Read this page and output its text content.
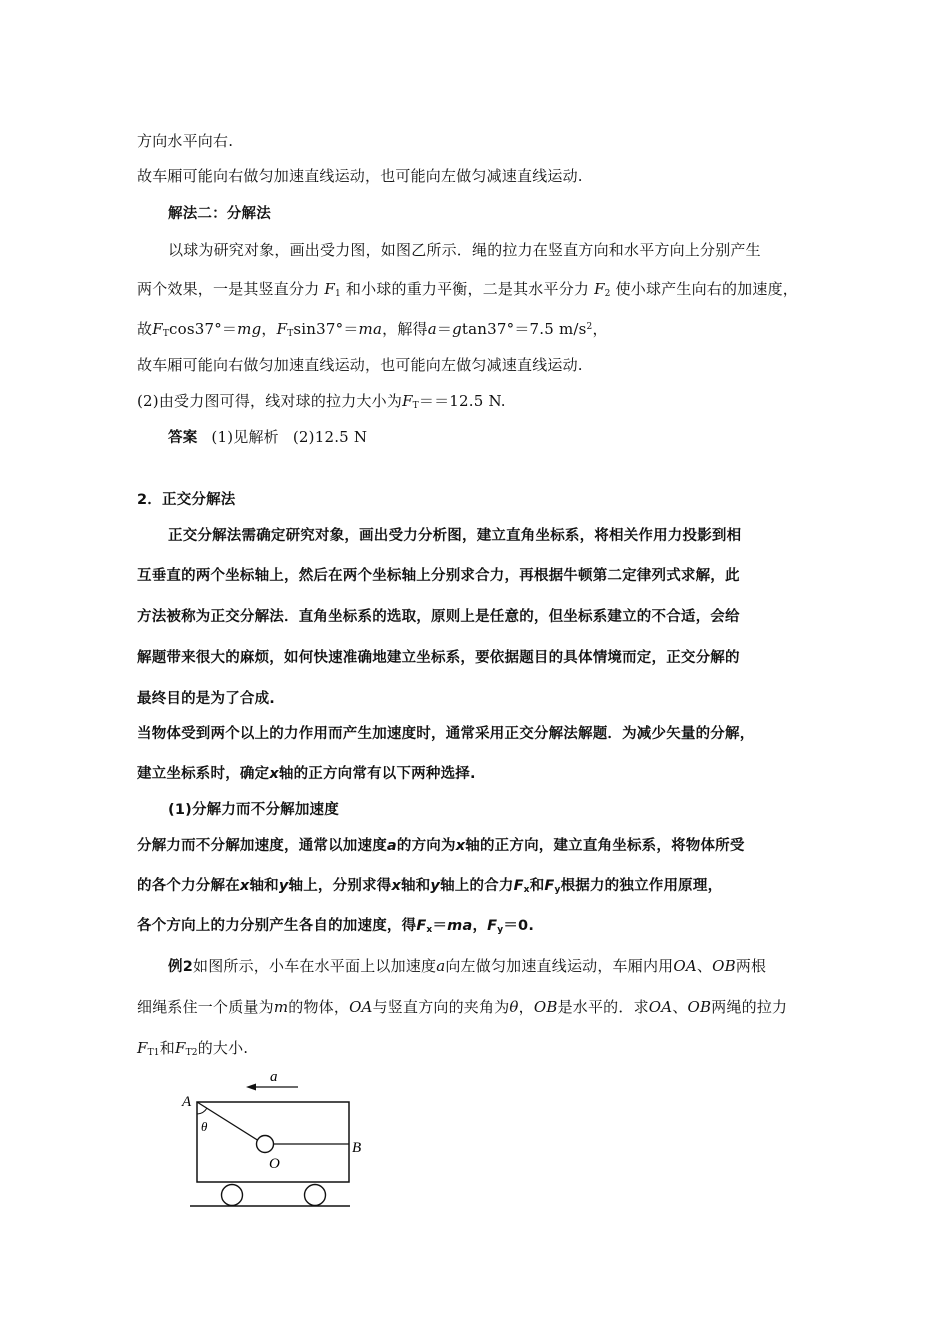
方向水平向右.
故车厢可能向右做匀加速直线运动，也可能向左做匀减速直线运动.
解法二：分解法
以球为研究对象，画出受力图，如图乙所示．绳的拉力在竖直方向和水平方向上分别产生
两个效果，一是其竖直分力 $F_1$ 和小球的重力平衡，二是其水平分力 $F_2$ 使小球产生向右的加速度，
故$F_T\cos 37^\circ=mg$，$F_T\sin 37^\circ=ma$，解得a＝gtan37°＝7.5 $m/s^2$，
故车厢可能向右做匀加速直线运动，也可能向左做匀减速直线运动.
(2)由受力图可得，线对球的拉力大小为$F_T==12.5$ N.
答案 (1)见解析 (2)12.5 N
2．正交分解法
正交分解法需确定研究对象，画出受力分析图，建立直角坐标系，将相关作用力投影到相
互垂直的两个坐标轴上，然后在两个坐标轴上分别求合力，再根据牛顿第二定律列式求解，此
方法被称为正交分解法．直角坐标系的选取，原则上是任意的，但坐标系建立的不合适，会给
解题带来很大的麻烦，如何快速准确地建立坐标系，要依据题目的具体情境而定，正交分解的
最终目的是为了合成.
当物体受到两个以上的力作用而产生加速度时，通常采用正交分解法解题．为减少矢量的分解，
建立坐标系时，确定x轴的正方向常有以下两种选择.
(1)分解力而不分解加速度
分解力而不分解加速度，通常以加速度a的方向为x轴的正方向，建立直角坐标系，将物体所受
的各个力分解在x轴和y轴上，分别求得x轴和y轴上的合力$F_x$和$F_y$根据力的独立作用原理，
各个方向上的力分别产生各自的加速度，得$F_x=ma$，$F_y=0$.
例2如图所示，小车在水平面上以加速度a向左做匀加速直线运动，车厢内用OA、OB两根
细绳系住一个质量为m的物体，OA与竖直方向的夹角为θ，OB是水平的．求OA、OB两绳的拉力
$F_{T1}$和$F_{T2}$的大小.
a
A
θ
O
B
